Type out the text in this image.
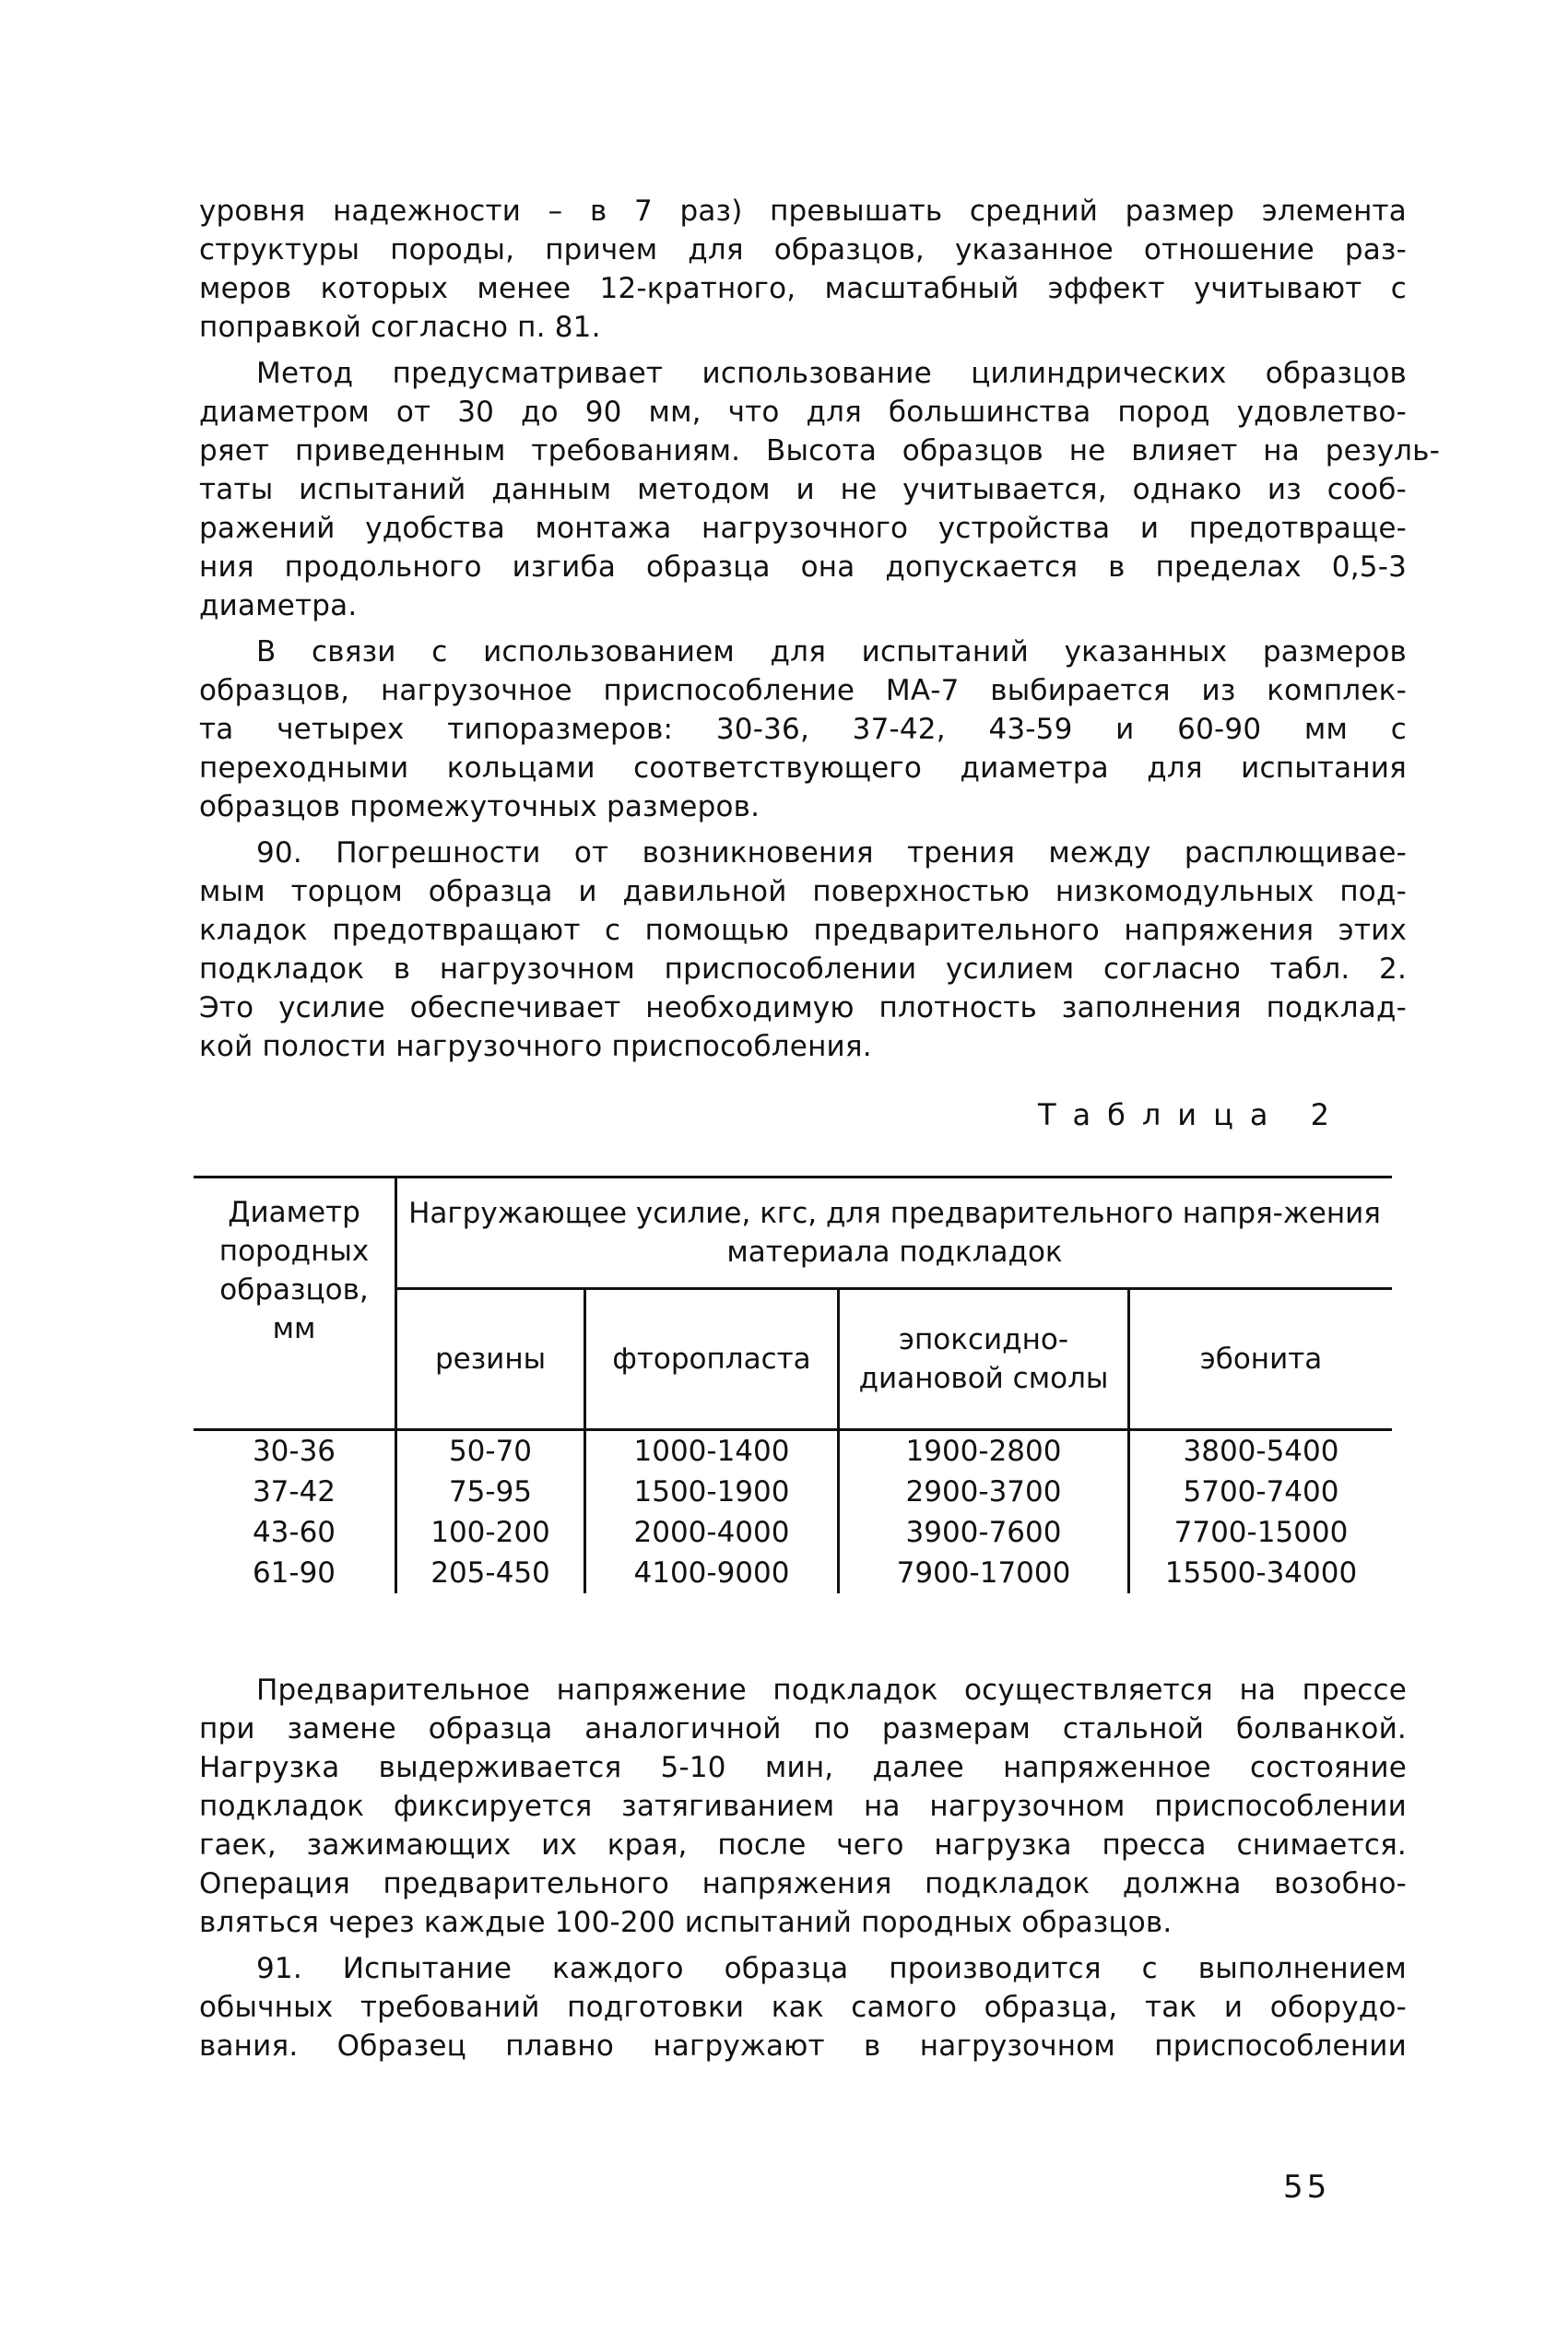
уровня надежности – в 7 раз) превышать средний размер элемента
структуры породы, причем для образцов, указанное отношение раз-
меров которых менее 12-кратного, масштабный эффект учитывают с
поправкой согласно п. 81.

Метод предусматривает использование цилиндрических образцов
диаметром от 30 до 90 мм, что для большинства пород удовлетво-
ряет приведенным требованиям. Высота образцов не влияет на резуль-
таты испытаний данным методом и не учитывается, однако из сооб-
ражений удобства монтажа нагрузочного устройства и предотвраще-
ния продольного изгиба образца она допускается в пределах 0,5-3
диаметра.

В связи с использованием для испытаний указанных размеров
образцов, нагрузочное приспособление МА-7 выбирается из комплек-
та четырех типоразмеров: 30-36, 37-42, 43-59 и 60-90 мм с
переходными кольцами соответствующего диаметра для испытания
образцов промежуточных размеров.

90. Погрешности от возникновения трения между расплющивае-
мым торцом образца и давильной поверхностью низкомодульных под-
кладок предотвращают с помощью предварительного напряжения этих
подкладок в нагрузочном приспособлении усилием согласно табл. 2.
Это усилие обеспечивает необходимую плотность заполнения подклад-
кой полости нагрузочного приспособления.

Таблица 2
Диаметр породных образцов, мм	Нагружающее усилие, кгс, для предварительного напря-жения материала подкладок			
	резины	фторопласта	эпоксидно-диановой смолы	эбонита
30-36	50-70	1000-1400	1900-2800	3800-5400
37-42	75-95	1500-1900	2900-3700	5700-7400
43-60	100-200	2000-4000	3900-7600	7700-15000
61-90	205-450	4100-9000	7900-17000	15500-34000

Предварительное напряжение подкладок осуществляется на прессе
при замене образца аналогичной по размерам стальной болванкой.
Нагрузка выдерживается 5-10 мин, далее напряженное состояние
подкладок фиксируется затягиванием на нагрузочном приспособлении
гаек, зажимающих их края, после чего нагрузка пресса снимается.
Операция предварительного напряжения подкладок должна возобно-
вляться через каждые 100-200 испытаний породных образцов.

91. Испытание каждого образца производится с выполнением
обычных требований подготовки как самого образца, так и оборудо-
вания. Образец плавно нагружают в нагрузочном приспособлении

55
